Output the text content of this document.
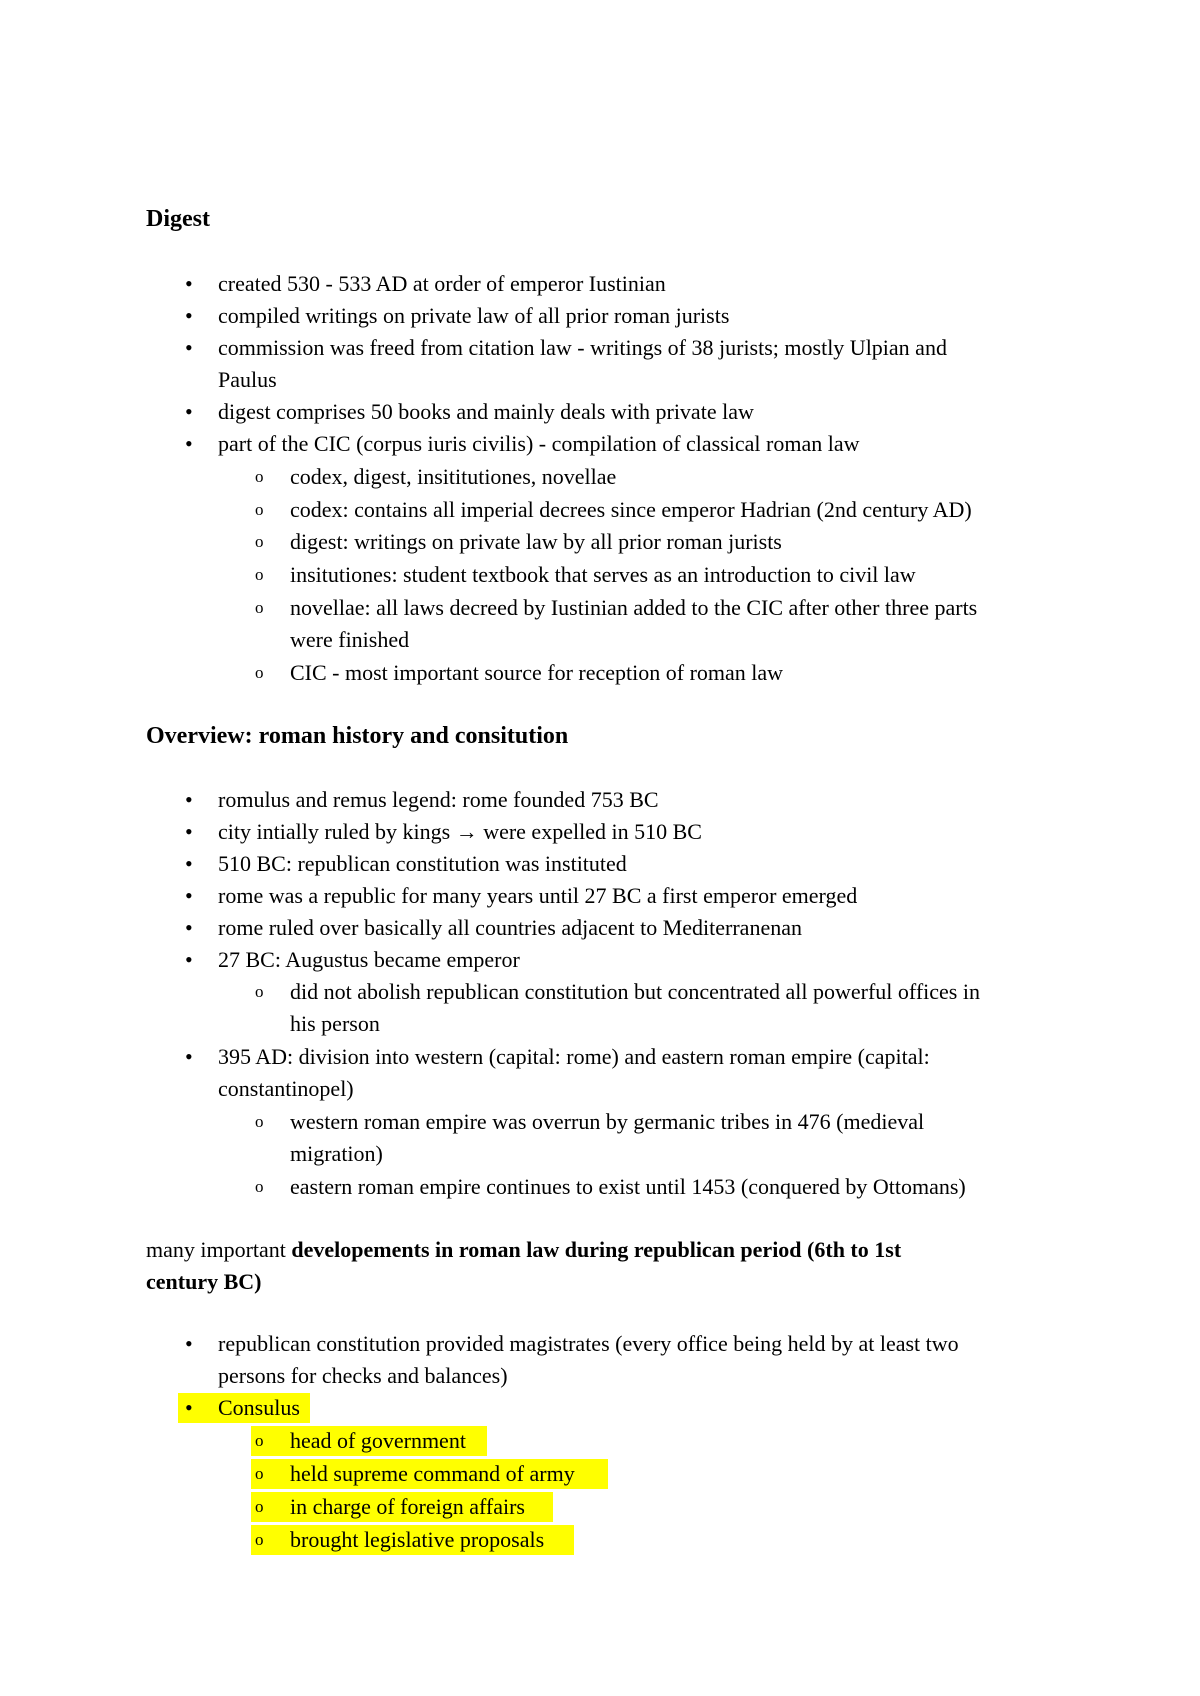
Digest
•	created 530 - 533 AD at order of emperor Iustinian
•	compiled writings on private law of all prior roman jurists
•	commission was freed from citation law - writings of 38 jurists; mostly Ulpian and
Paulus
•	digest comprises 50 books and mainly deals with private law
•	part of the CIC (corpus iuris civilis) - compilation of classical roman law
o	codex, digest, insititutiones, novellae
o	codex: contains all imperial decrees since emperor Hadrian (2nd century AD)
o	digest: writings on private law by all prior roman jurists
o	insitutiones: student textbook that serves as an introduction to civil law
o	novellae: all laws decreed by Iustinian added to the CIC after other three parts
were finished
o	CIC - most important source for reception of roman law
Overview: roman history and consitution
•	romulus and remus legend: rome founded 753 BC
•	city intially ruled by kings → were expelled in 510 BC
•	510 BC: republican constitution was instituted
•	rome was a republic for many years until 27 BC a first emperor emerged
•	rome ruled over basically all countries adjacent to Mediterranenan
•	27 BC: Augustus became emperor
o	did not abolish republican constitution but concentrated all powerful offices in
his person
•	395 AD: division into western (capital: rome) and eastern roman empire (capital:
constantinopel)
o	western roman empire was overrun by germanic tribes in 476 (medieval
migration)
o	eastern roman empire continues to exist until 1453 (conquered by Ottomans)
many important developements in roman law during republican period (6th to 1st
century BC)
•	republican constitution provided magistrates (every office being held by at least two
persons for checks and balances)
•	Consulus
o	head of government
o	held supreme command of army
o	in charge of foreign affairs
o	brought legislative proposals
